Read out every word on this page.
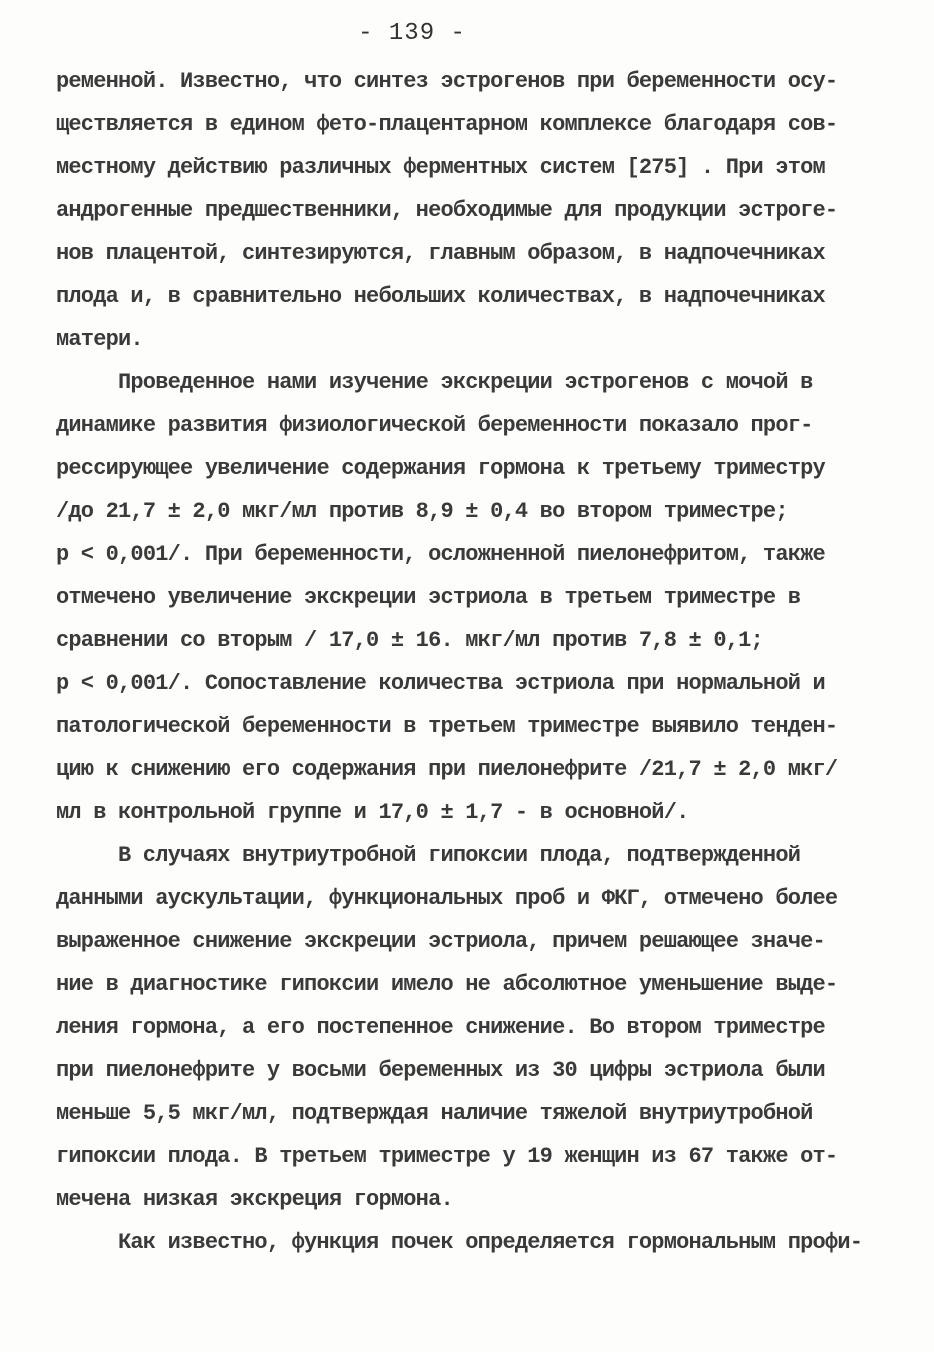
- 139 -
ременной. Известно, что синтез эстрогенов при беременности осу-
ществляется в едином фето-плацентарном комплексе благодаря сов-
местному действию различных ферментных систем [275] . При этом
андрогенные предшественники, необходимые для продукции эстроге-
нов плацентой, синтезируются, главным образом, в надпочечниках
плода и, в сравнительно небольших количествах, в надпочечниках
матери.
Проведенное нами изучение экскреции эстрогенов с мочой в
динамике развития физиологической беременности показало прог-
рессирующее увеличение содержания гормона к третьему триместру
/до 21,7 ± 2,0 мкг/мл против 8,9 ± 0,4 во втором триместре;
р < 0,001/. При беременности, осложненной пиелонефритом, также
отмечено увеличение экскреции эстриола в третьем триместре в
сравнении со вторым / 17,0 ± 16. мкг/мл против 7,8 ± 0,1;
р < 0,001/. Сопоставление количества эстриола при нормальной и
патологической беременности в третьем триместре выявило тенден-
цию к снижению его содержания при пиелонефрите /21,7 ± 2,0 мкг/
мл в контрольной группе и 17,0 ± 1,7 - в основной/.
В случаях внутриутробной гипоксии плода, подтвержденной
данными аускультации, функциональных проб и ФКГ, отмечено более
выраженное снижение экскреции эстриола, причем решающее значе-
ние в диагностике гипоксии имело не абсолютное уменьшение выде-
ления гормона, а его постепенное снижение. Во втором триместре
при пиелонефрите у восьми беременных из 30 цифры эстриола были
меньше 5,5 мкг/мл, подтверждая наличие тяжелой внутриутробной
гипоксии плода. В третьем триместре у 19 женщин из 67 также от-
мечена низкая экскреция гормона.
Как известно, функция почек определяется гормональным профи-
